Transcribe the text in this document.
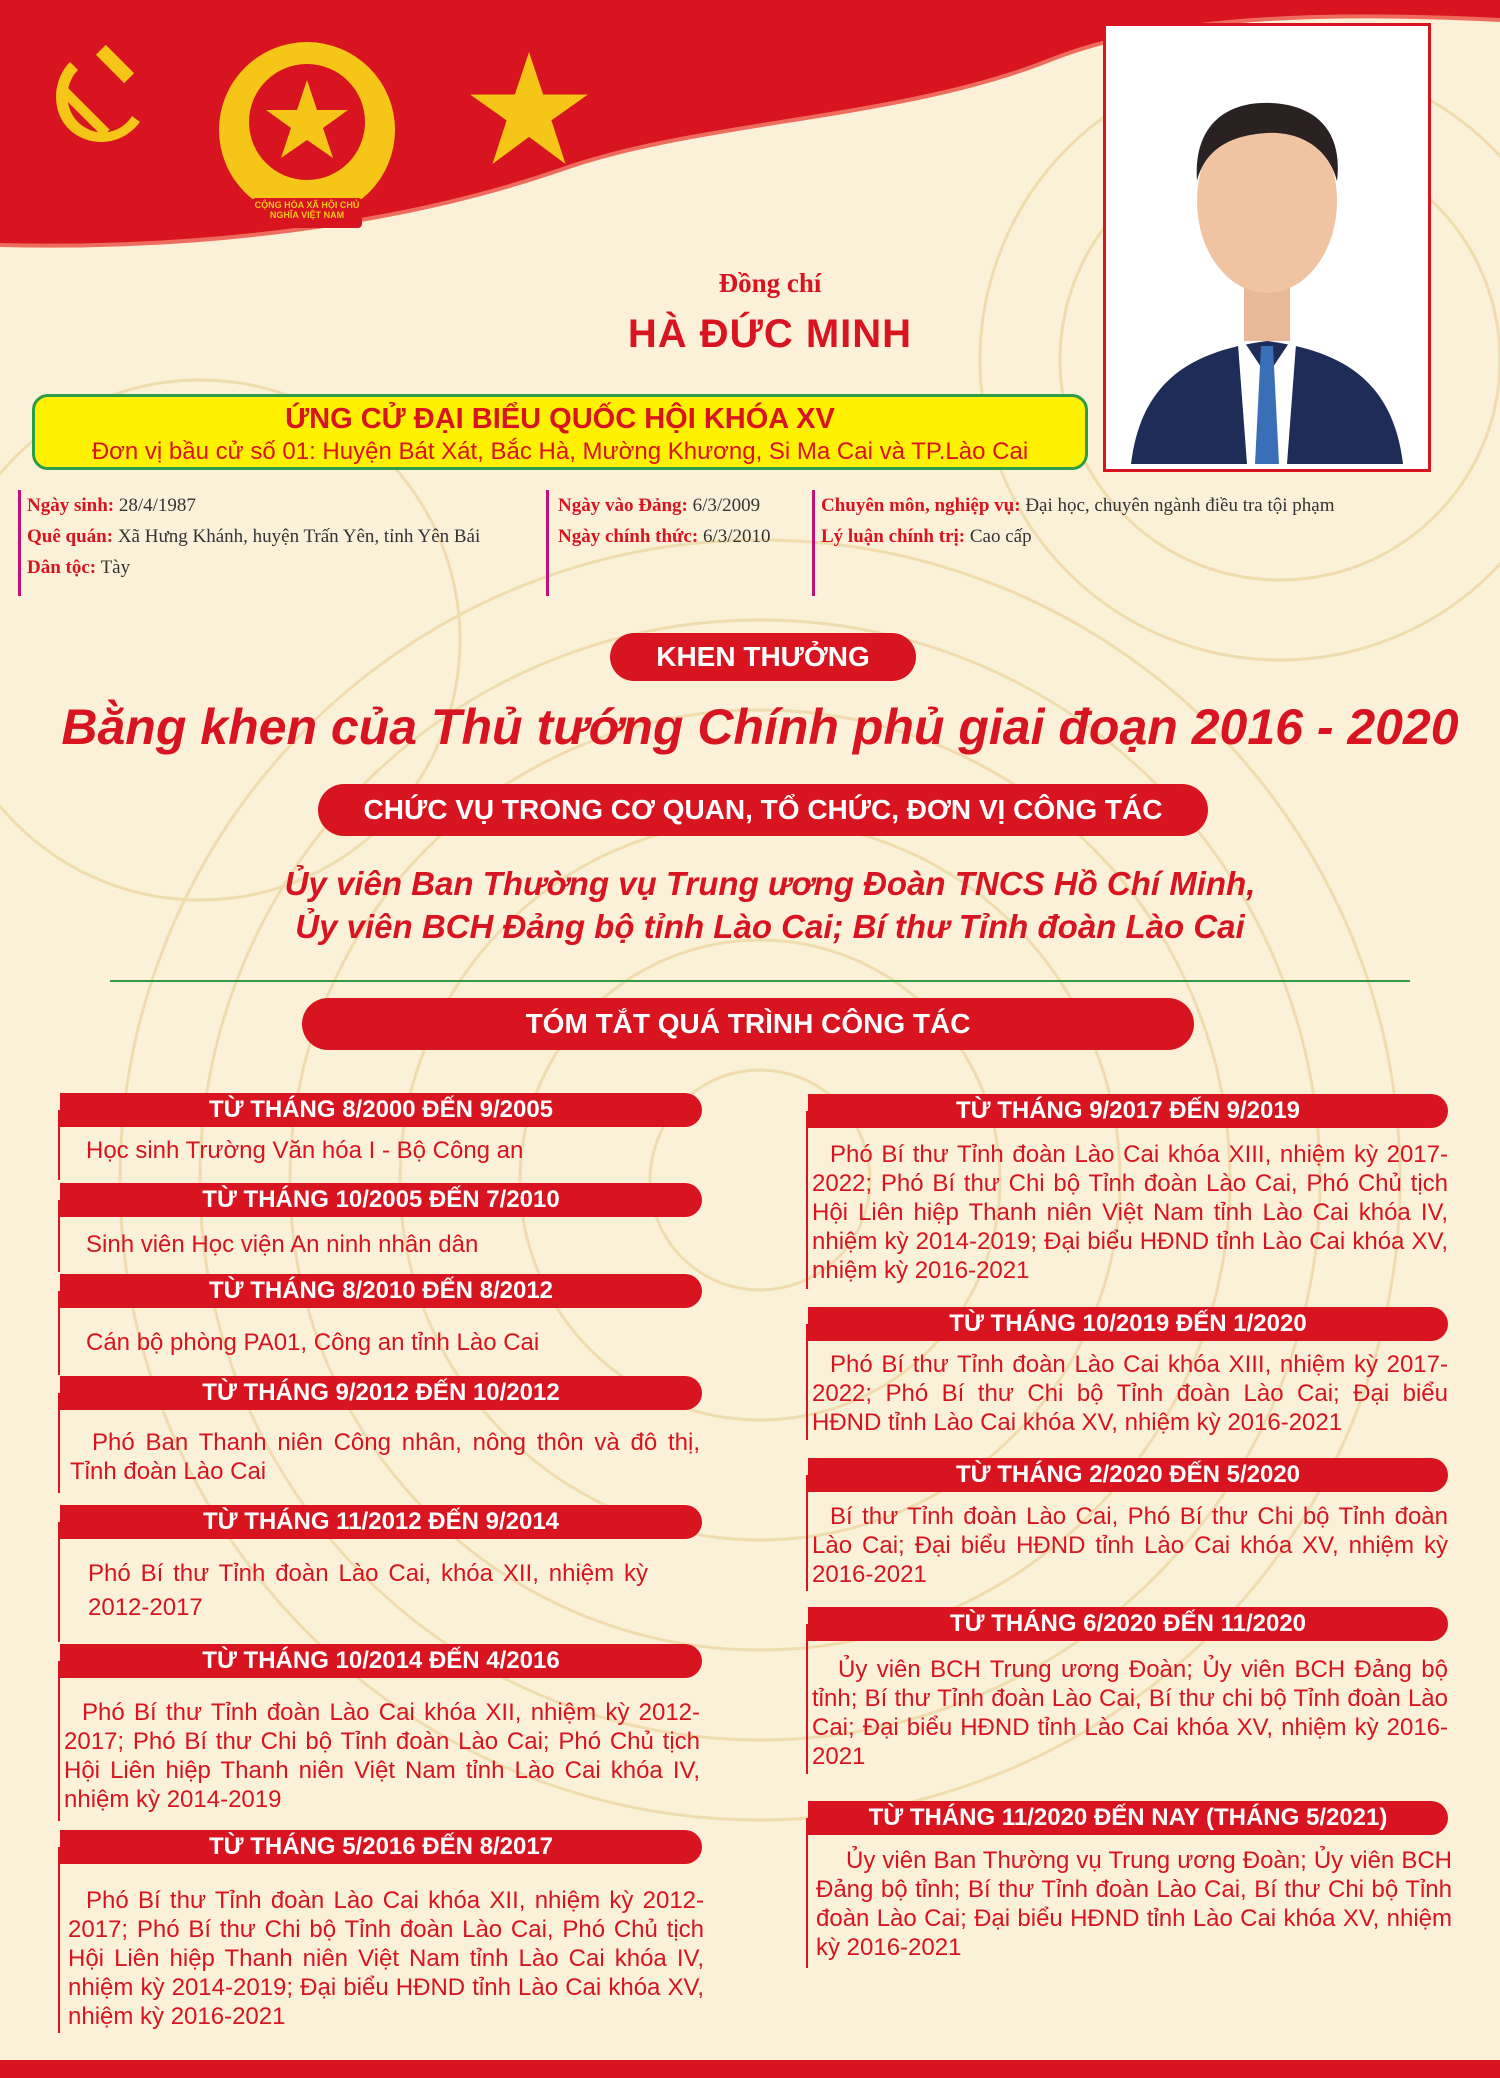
CỘNG HÒA XÃ HỘI CHỦ NGHĨA VIỆT NAM
Đồng chí
HÀ ĐỨC MINH
ỨNG CỬ ĐẠI BIỂU QUỐC HỘI KHÓA XV
Đơn vị bầu cử số 01: Huyện Bát Xát, Bắc Hà, Mường Khương, Si Ma Cai và TP.Lào Cai
Ngày sinh: 28/4/1987
Quê quán: Xã Hưng Khánh, huyện Trấn Yên, tỉnh Yên Bái
Dân tộc: Tày
Ngày vào Đảng: 6/3/2009
Ngày chính thức: 6/3/2010
Chuyên môn, nghiệp vụ: Đại học, chuyên ngành điều tra tội phạm
Lý luận chính trị: Cao cấp
KHEN THƯỞNG
Bằng khen của Thủ tướng Chính phủ giai đoạn 2016 - 2020
CHỨC VỤ TRONG CƠ QUAN, TỔ CHỨC, ĐƠN VỊ CÔNG TÁC
Ủy viên Ban Thường vụ Trung ương Đoàn TNCS Hồ Chí Minh,
Ủy viên BCH Đảng bộ tỉnh Lào Cai; Bí thư Tỉnh đoàn Lào Cai
TÓM TẮT QUÁ TRÌNH CÔNG TÁC
TỪ THÁNG 8/2000 ĐẾN 9/2005
Học sinh Trường Văn hóa I - Bộ Công an
TỪ THÁNG 10/2005 ĐẾN 7/2010
Sinh viên Học viện An ninh nhân dân
TỪ THÁNG 8/2010 ĐẾN 8/2012
Cán bộ phòng PA01, Công an tỉnh Lào Cai
TỪ THÁNG 9/2012 ĐẾN 10/2012
Phó Ban Thanh niên Công nhân, nông thôn và đô thị, Tỉnh đoàn Lào Cai
TỪ THÁNG 11/2012 ĐẾN 9/2014
Phó Bí thư Tỉnh đoàn Lào Cai, khóa XII, nhiệm kỳ 2012-2017
TỪ THÁNG 10/2014 ĐẾN 4/2016
Phó Bí thư Tỉnh đoàn Lào Cai khóa XII, nhiệm kỳ 2012-2017; Phó Bí thư Chi bộ Tỉnh đoàn Lào Cai; Phó Chủ tịch Hội Liên hiệp Thanh niên Việt Nam tỉnh Lào Cai khóa IV, nhiệm kỳ 2014-2019
TỪ THÁNG 5/2016 ĐẾN 8/2017
Phó Bí thư Tỉnh đoàn Lào Cai khóa XII, nhiệm kỳ 2012-2017; Phó Bí thư Chi bộ Tỉnh đoàn Lào Cai, Phó Chủ tịch Hội Liên hiệp Thanh niên Việt Nam tỉnh Lào Cai khóa IV, nhiệm kỳ 2014-2019; Đại biểu HĐND tỉnh Lào Cai khóa XV, nhiệm kỳ 2016-2021
TỪ THÁNG 9/2017 ĐẾN 9/2019
Phó Bí thư Tỉnh đoàn Lào Cai khóa XIII, nhiệm kỳ 2017-2022; Phó Bí thư Chi bộ Tỉnh đoàn Lào Cai, Phó Chủ tịch Hội Liên hiệp Thanh niên Việt Nam tỉnh Lào Cai khóa IV, nhiệm kỳ 2014-2019; Đại biểu HĐND tỉnh Lào Cai khóa XV, nhiệm kỳ 2016-2021
TỪ THÁNG 10/2019 ĐẾN 1/2020
Phó Bí thư Tỉnh đoàn Lào Cai khóa XIII, nhiệm kỳ 2017-2022; Phó Bí thư Chi bộ Tỉnh đoàn Lào Cai; Đại biểu HĐND tỉnh Lào Cai khóa XV, nhiệm kỳ 2016-2021
TỪ THÁNG 2/2020 ĐẾN 5/2020
Bí thư Tỉnh đoàn Lào Cai, Phó Bí thư Chi bộ Tỉnh đoàn Lào Cai; Đại biểu HĐND tỉnh Lào Cai khóa XV, nhiệm kỳ 2016-2021
TỪ THÁNG 6/2020 ĐẾN 11/2020
Ủy viên BCH Trung ương Đoàn; Ủy viên BCH Đảng bộ tỉnh; Bí thư Tỉnh đoàn Lào Cai, Bí thư chi bộ Tỉnh đoàn Lào Cai; Đại biểu HĐND tỉnh Lào Cai khóa XV, nhiệm kỳ 2016-2021
TỪ THÁNG 11/2020 ĐẾN NAY (THÁNG 5/2021)
Ủy viên Ban Thường vụ Trung ương Đoàn; Ủy viên BCH Đảng bộ tỉnh; Bí thư Tỉnh đoàn Lào Cai, Bí thư Chi bộ Tỉnh đoàn Lào Cai; Đại biểu HĐND tỉnh Lào Cai khóa XV, nhiệm kỳ 2016-2021
